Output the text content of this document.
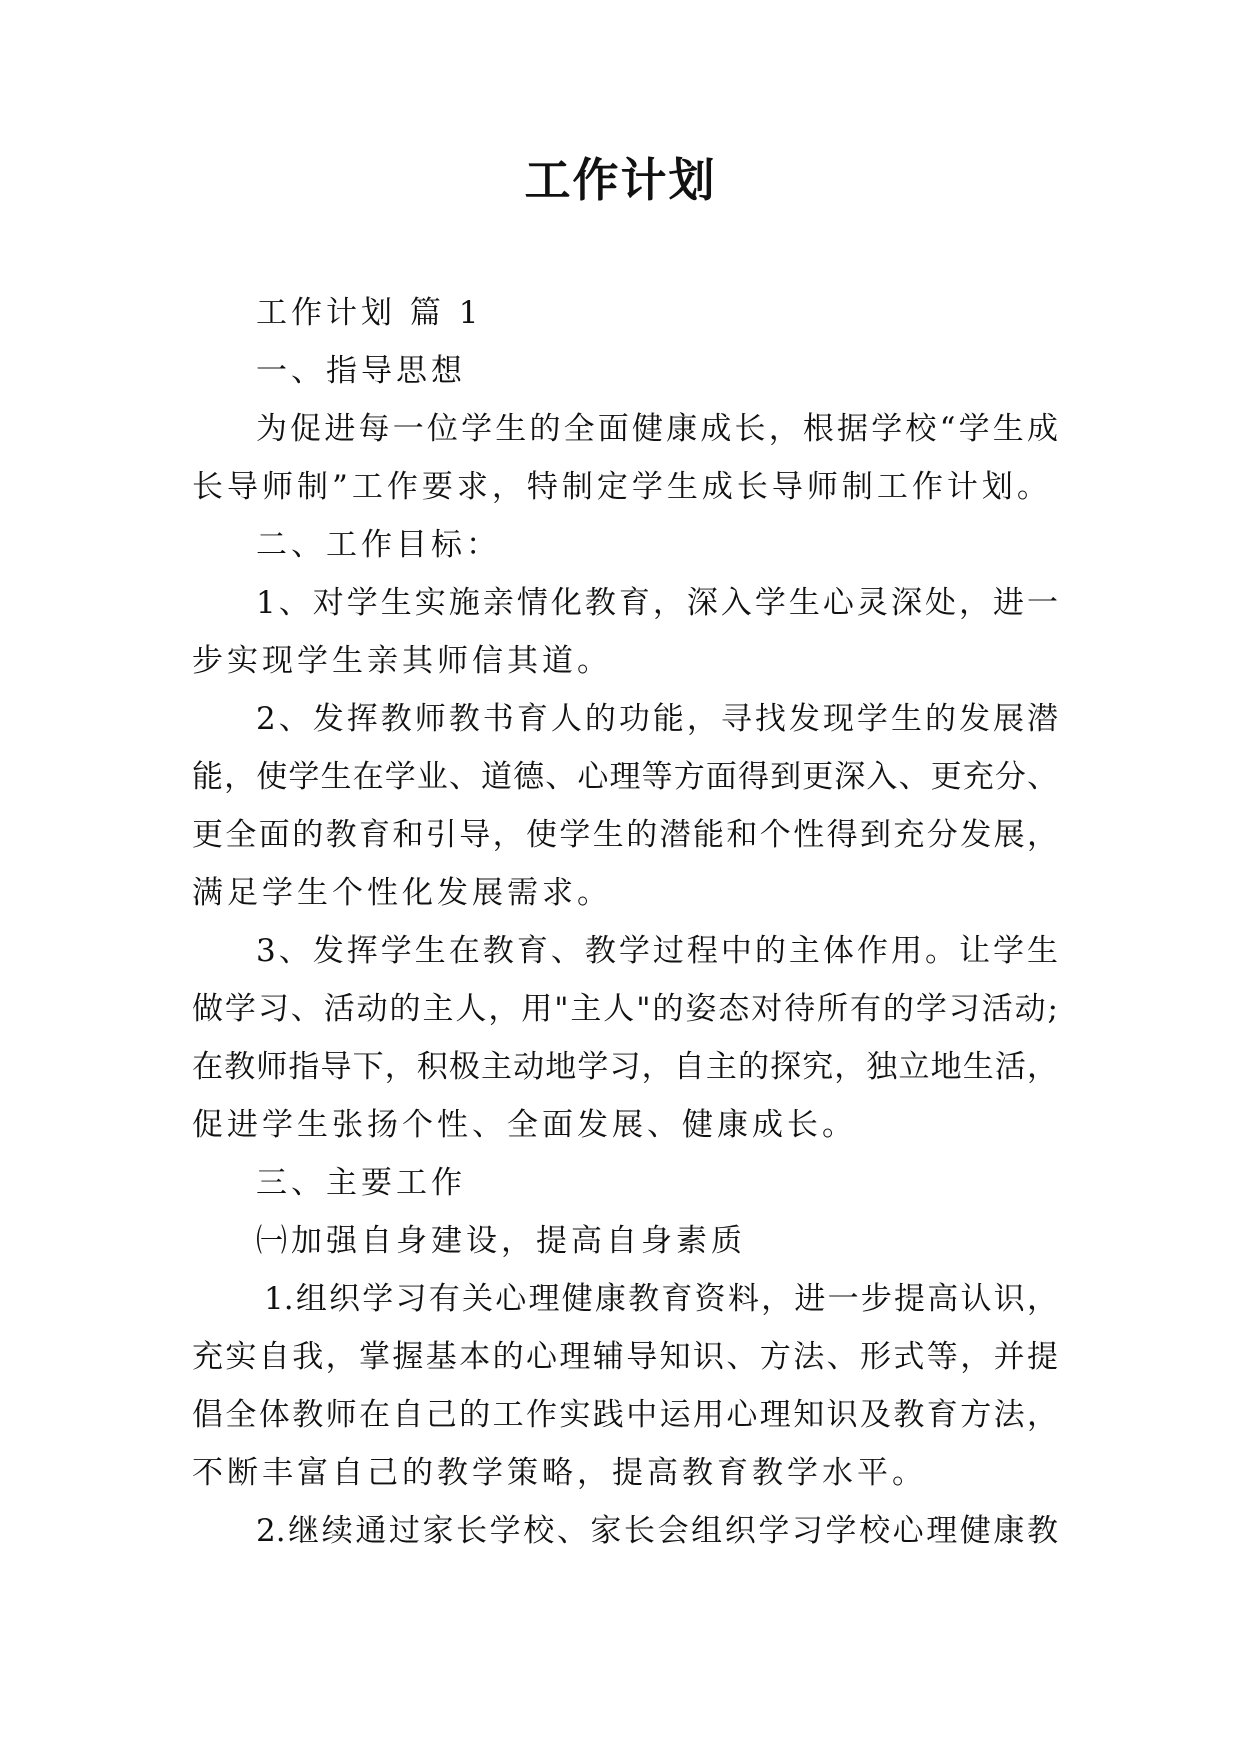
工作计划
工作计划 篇 1
一、指导思想
为促进每一位学生的全面健康成长，根据学校“学生成
长导师制”工作要求，特制定学生成长导师制工作计划。
二、工作目标：
1、对学生实施亲情化教育，深入学生心灵深处，进一
步实现学生亲其师信其道。
2、发挥教师教书育人的功能，寻找发现学生的发展潜
能，使学生在学业、道德、心理等方面得到更深入、更充分、
更全面的教育和引导，使学生的潜能和个性得到充分发展，
满足学生个性化发展需求。
3、发挥学生在教育、教学过程中的主体作用。让学生
做学习、活动的主人，用"主人"的姿态对待所有的学习活动;
在教师指导下，积极主动地学习，自主的探究，独立地生活，
促进学生张扬个性、全面发展、健康成长。
三、主要工作
㈠加强自身建设，提高自身素质
1.组织学习有关心理健康教育资料，进一步提高认识，
充实自我，掌握基本的心理辅导知识、方法、形式等，并提
倡全体教师在自己的工作实践中运用心理知识及教育方法，
不断丰富自己的教学策略，提高教育教学水平。
2.继续通过家长学校、家长会组织学习学校心理健康教
